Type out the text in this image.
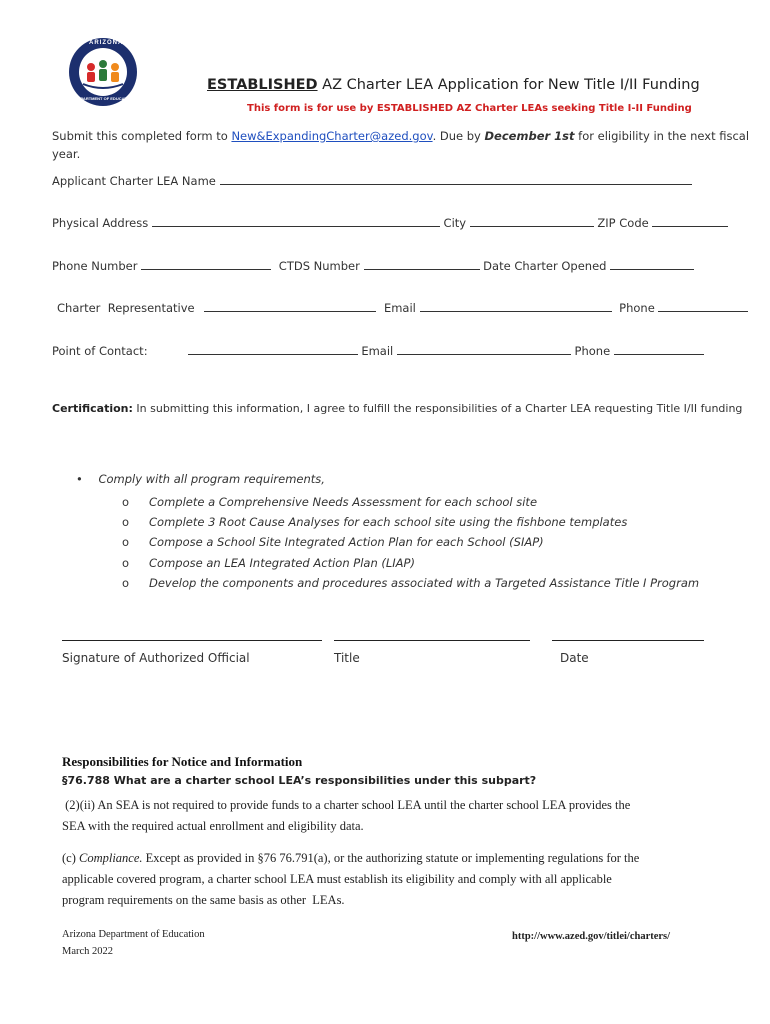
ARIZONA
DEPARTMENT OF EDUCATION
ESTABLISHED AZ Charter LEA Application for New Title I/II Funding
This form is for use by ESTABLISHED AZ Charter LEAs seeking Title I-II Funding
Submit this completed form to New&ExpandingCharter@azed.gov. Due by December 1st for eligibility in the next fiscal
year.
Applicant Charter LEA Name
Physical Address	City	ZIP Code
Phone Number	CTDS Number	Date Charter Opened
Charter  Representative	Email	Phone
Point of Contact:	Email	Phone
Certification: In submitting this information, I agree to fulfill the responsibilities of a Charter LEA requesting Title I/II funding
• Comply with all program requirements,
o Complete a Comprehensive Needs Assessment for each school site
o Complete 3 Root Cause Analyses for each school site using the fishbone templates
o Compose a School Site Integrated Action Plan for each School (SIAP)
o Compose an LEA Integrated Action Plan (LIAP)
o Develop the components and procedures associated with a Targeted Assistance Title I Program
Signature of Authorized Official	Title	Date
Responsibilities for Notice and Information
§76.788 What are a charter school LEA’s responsibilities under this subpart?
(2)(ii) An SEA is not required to provide funds to a charter school LEA until the charter school LEA provides the
SEA with the required actual enrollment and eligibility data.
(c) Compliance. Except as provided in §76 76.791(a), or the authorizing statute or implementing regulations for the
applicable covered program, a charter school LEA must establish its eligibility and comply with all applicable
program requirements on the same basis as other  LEAs.
Arizona Department of Education
March 2022
http://www.azed.gov/titlei/charters/
